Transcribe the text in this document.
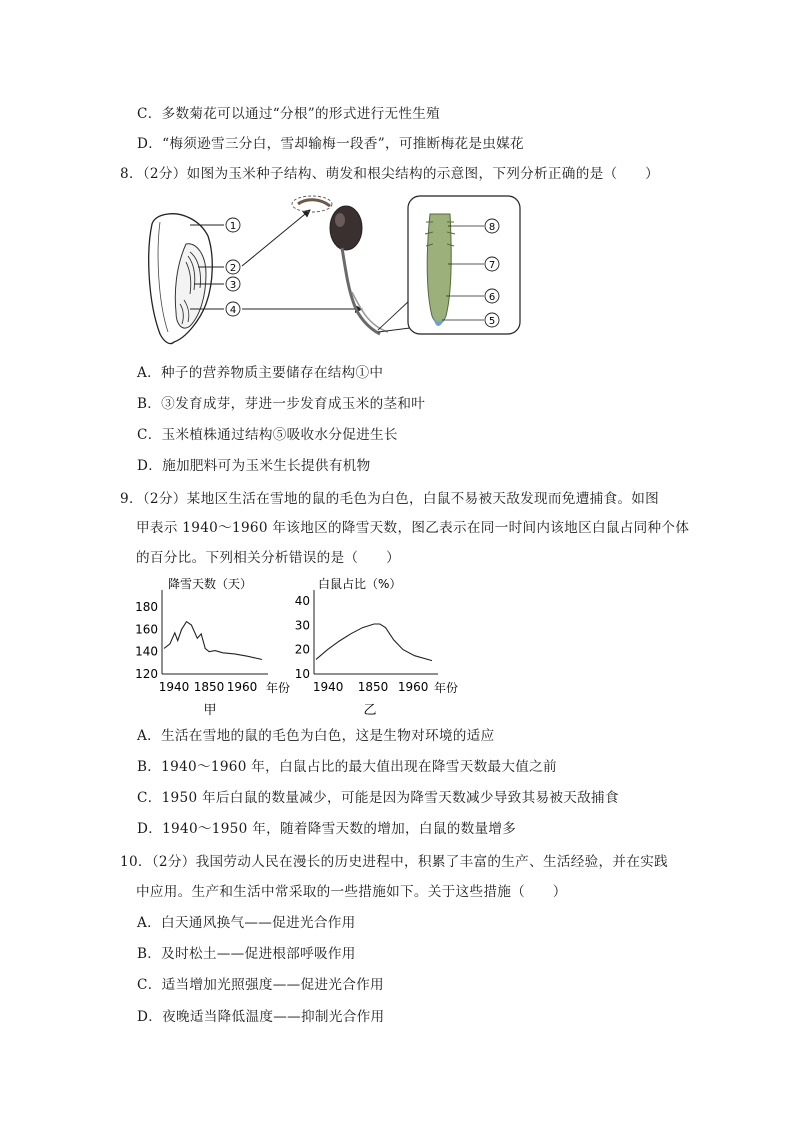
C．多数菊花可以通过“分根”的形式进行无性生殖
D．“梅须逊雪三分白，雪却输梅一段香”，可推断梅花是虫媒花
8．（2分）如图为玉米种子结构、萌发和根尖结构的示意图，下列分析正确的是（　　）
1
2
3
4
8
7
6
5
A．种子的营养物质主要储存在结构①中
B．③发育成芽，芽进一步发育成玉米的茎和叶
C．玉米植株通过结构⑤吸收水分促进生长
D．施加肥料可为玉米生长提供有机物
9．（2分）某地区生活在雪地的鼠的毛色为白色，白鼠不易被天敌发现而免遭捕食。如图
甲表示 1940～1960 年该地区的降雪天数，图乙表示在同一时间内该地区白鼠占同种个体
的百分比。下列相关分析错误的是（　　）
降雪天数（天）
120
140
160
180
1940 1850 1960 年份
甲
白鼠占比（%）
10
20
30
40
1940 1850 1960 年份
乙
A．生活在雪地的鼠的毛色为白色，这是生物对环境的适应
B．1940～1960 年，白鼠占比的最大值出现在降雪天数最大值之前
C．1950 年后白鼠的数量减少，可能是因为降雪天数减少导致其易被天敌捕食
D．1940～1950 年，随着降雪天数的增加，白鼠的数量增多
10．（2分）我国劳动人民在漫长的历史进程中，积累了丰富的生产、生活经验，并在实践
中应用。生产和生活中常采取的一些措施如下。关于这些措施（　　）
A．白天通风换气——促进光合作用
B．及时松土——促进根部呼吸作用
C．适当增加光照强度——促进光合作用
D．夜晚适当降低温度——抑制光合作用
